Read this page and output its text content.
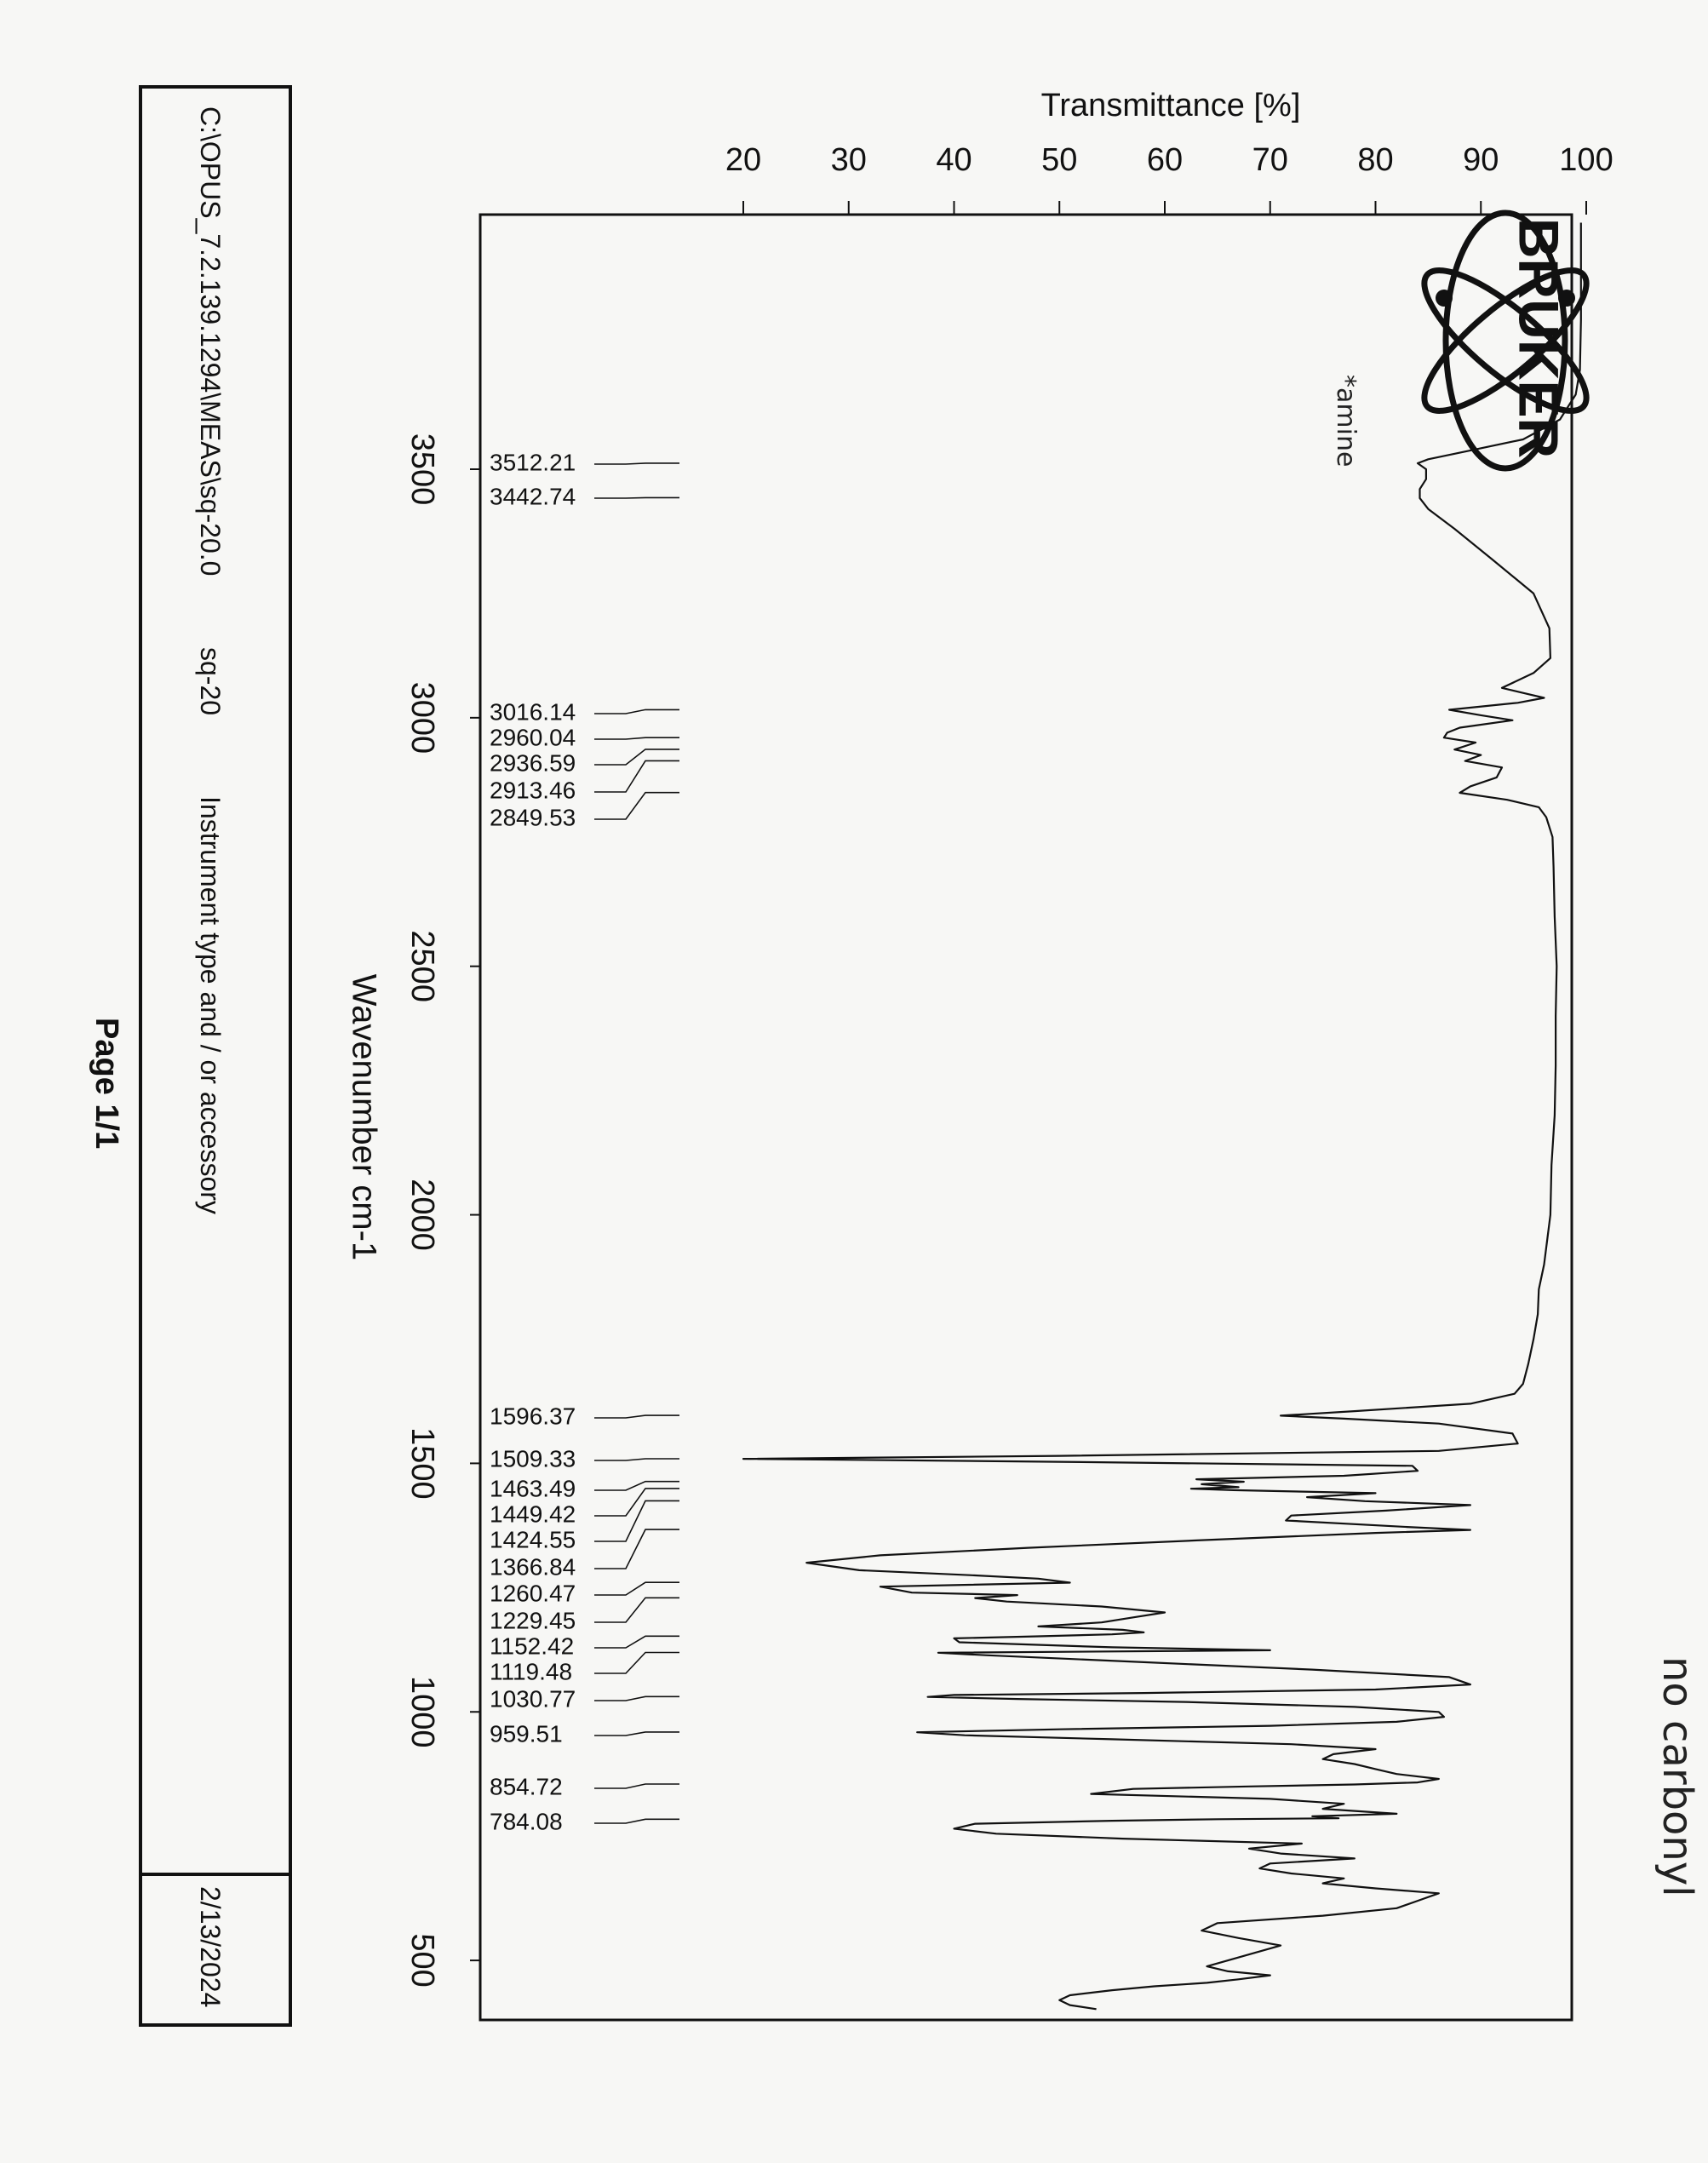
20 30 40 50 60 70 80 90 100
Transmittance [%]
3500
3000
2500
2000
1500
1000
500
Wavenumber cm-1
3512.21
3442.74
3016.14
2960.04
2936.59
2913.46
2849.53
1596.37
1509.33
1463.49
1449.42
1424.55
1366.84
1260.47
1229.45
1152.42
1119.48
1030.77
959.51
854.72
784.08
BRUKER
C:\OPUS_7.2.139.1294\MEAS\sq-20.0
sq-20
Instrument type and / or accessory
2/13/2024
Page 1/1
*amine
no carbonyl
